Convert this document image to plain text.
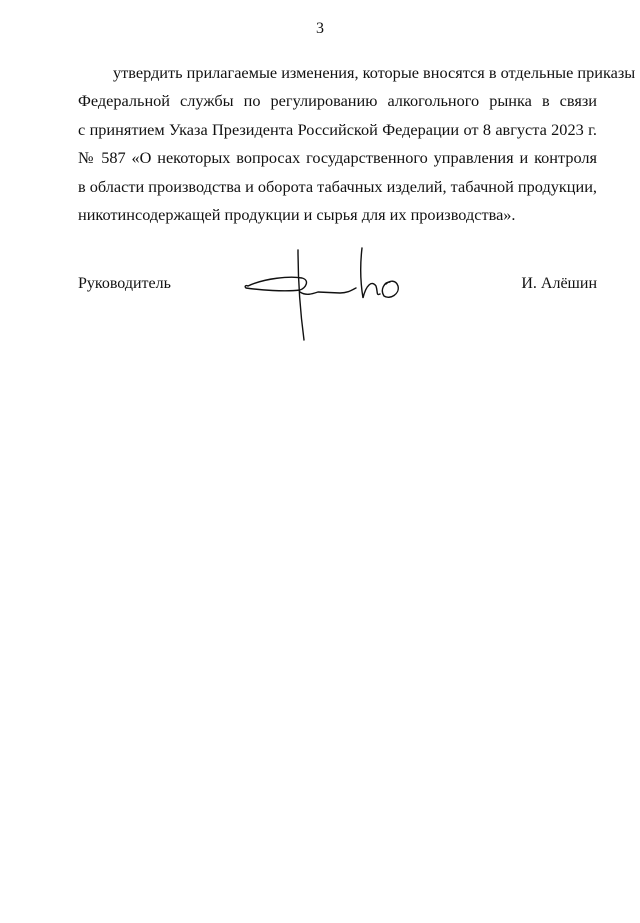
3
утвердить прилагаемые изменения, которые вносятся в отдельные приказы
Федеральной службы по регулированию алкогольного рынка в связи
с принятием Указа Президента Российской Федерации от 8 августа 2023 г.
№ 587 «О некоторых вопросах государственного управления и контроля
в области производства и оборота табачных изделий, табачной продукции,
никотинсодержащей продукции и сырья для их производства».
Руководитель	И. Алёшин
